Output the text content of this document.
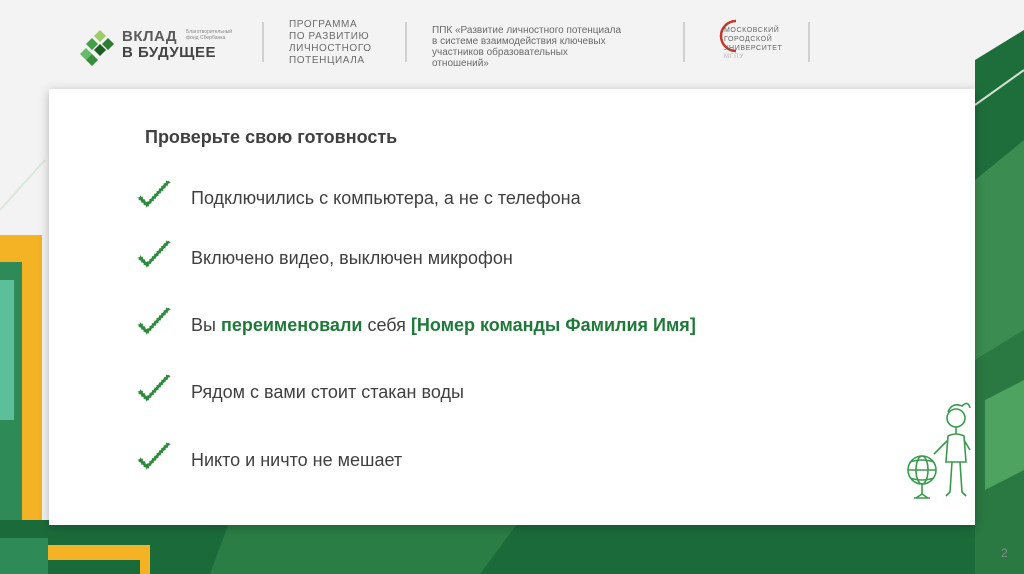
ВКЛАД
В БУДУЩЕЕ
Благотворительный фонд Сбербанка
ПРОГРАММА
ПО РАЗВИТИЮ
ЛИЧНОСТНОГО
ПОТЕНЦИАЛА
ППК «Развитие личностного потенциала
в системе взаимодействия ключевых
участников образовательных
отношений»
МОСКОВСКИЙ
ГОРОДСКОЙ
УНИВЕРСИТЕТ
МГПУ
Проверьте свою готовность
Подключились с компьютера, а не с телефона
Включено видео, выключен микрофон
Вы переименовали себя [Номер команды Фамилия Имя]
Рядом с вами стоит стакан воды
Никто и ничто не мешает
2
